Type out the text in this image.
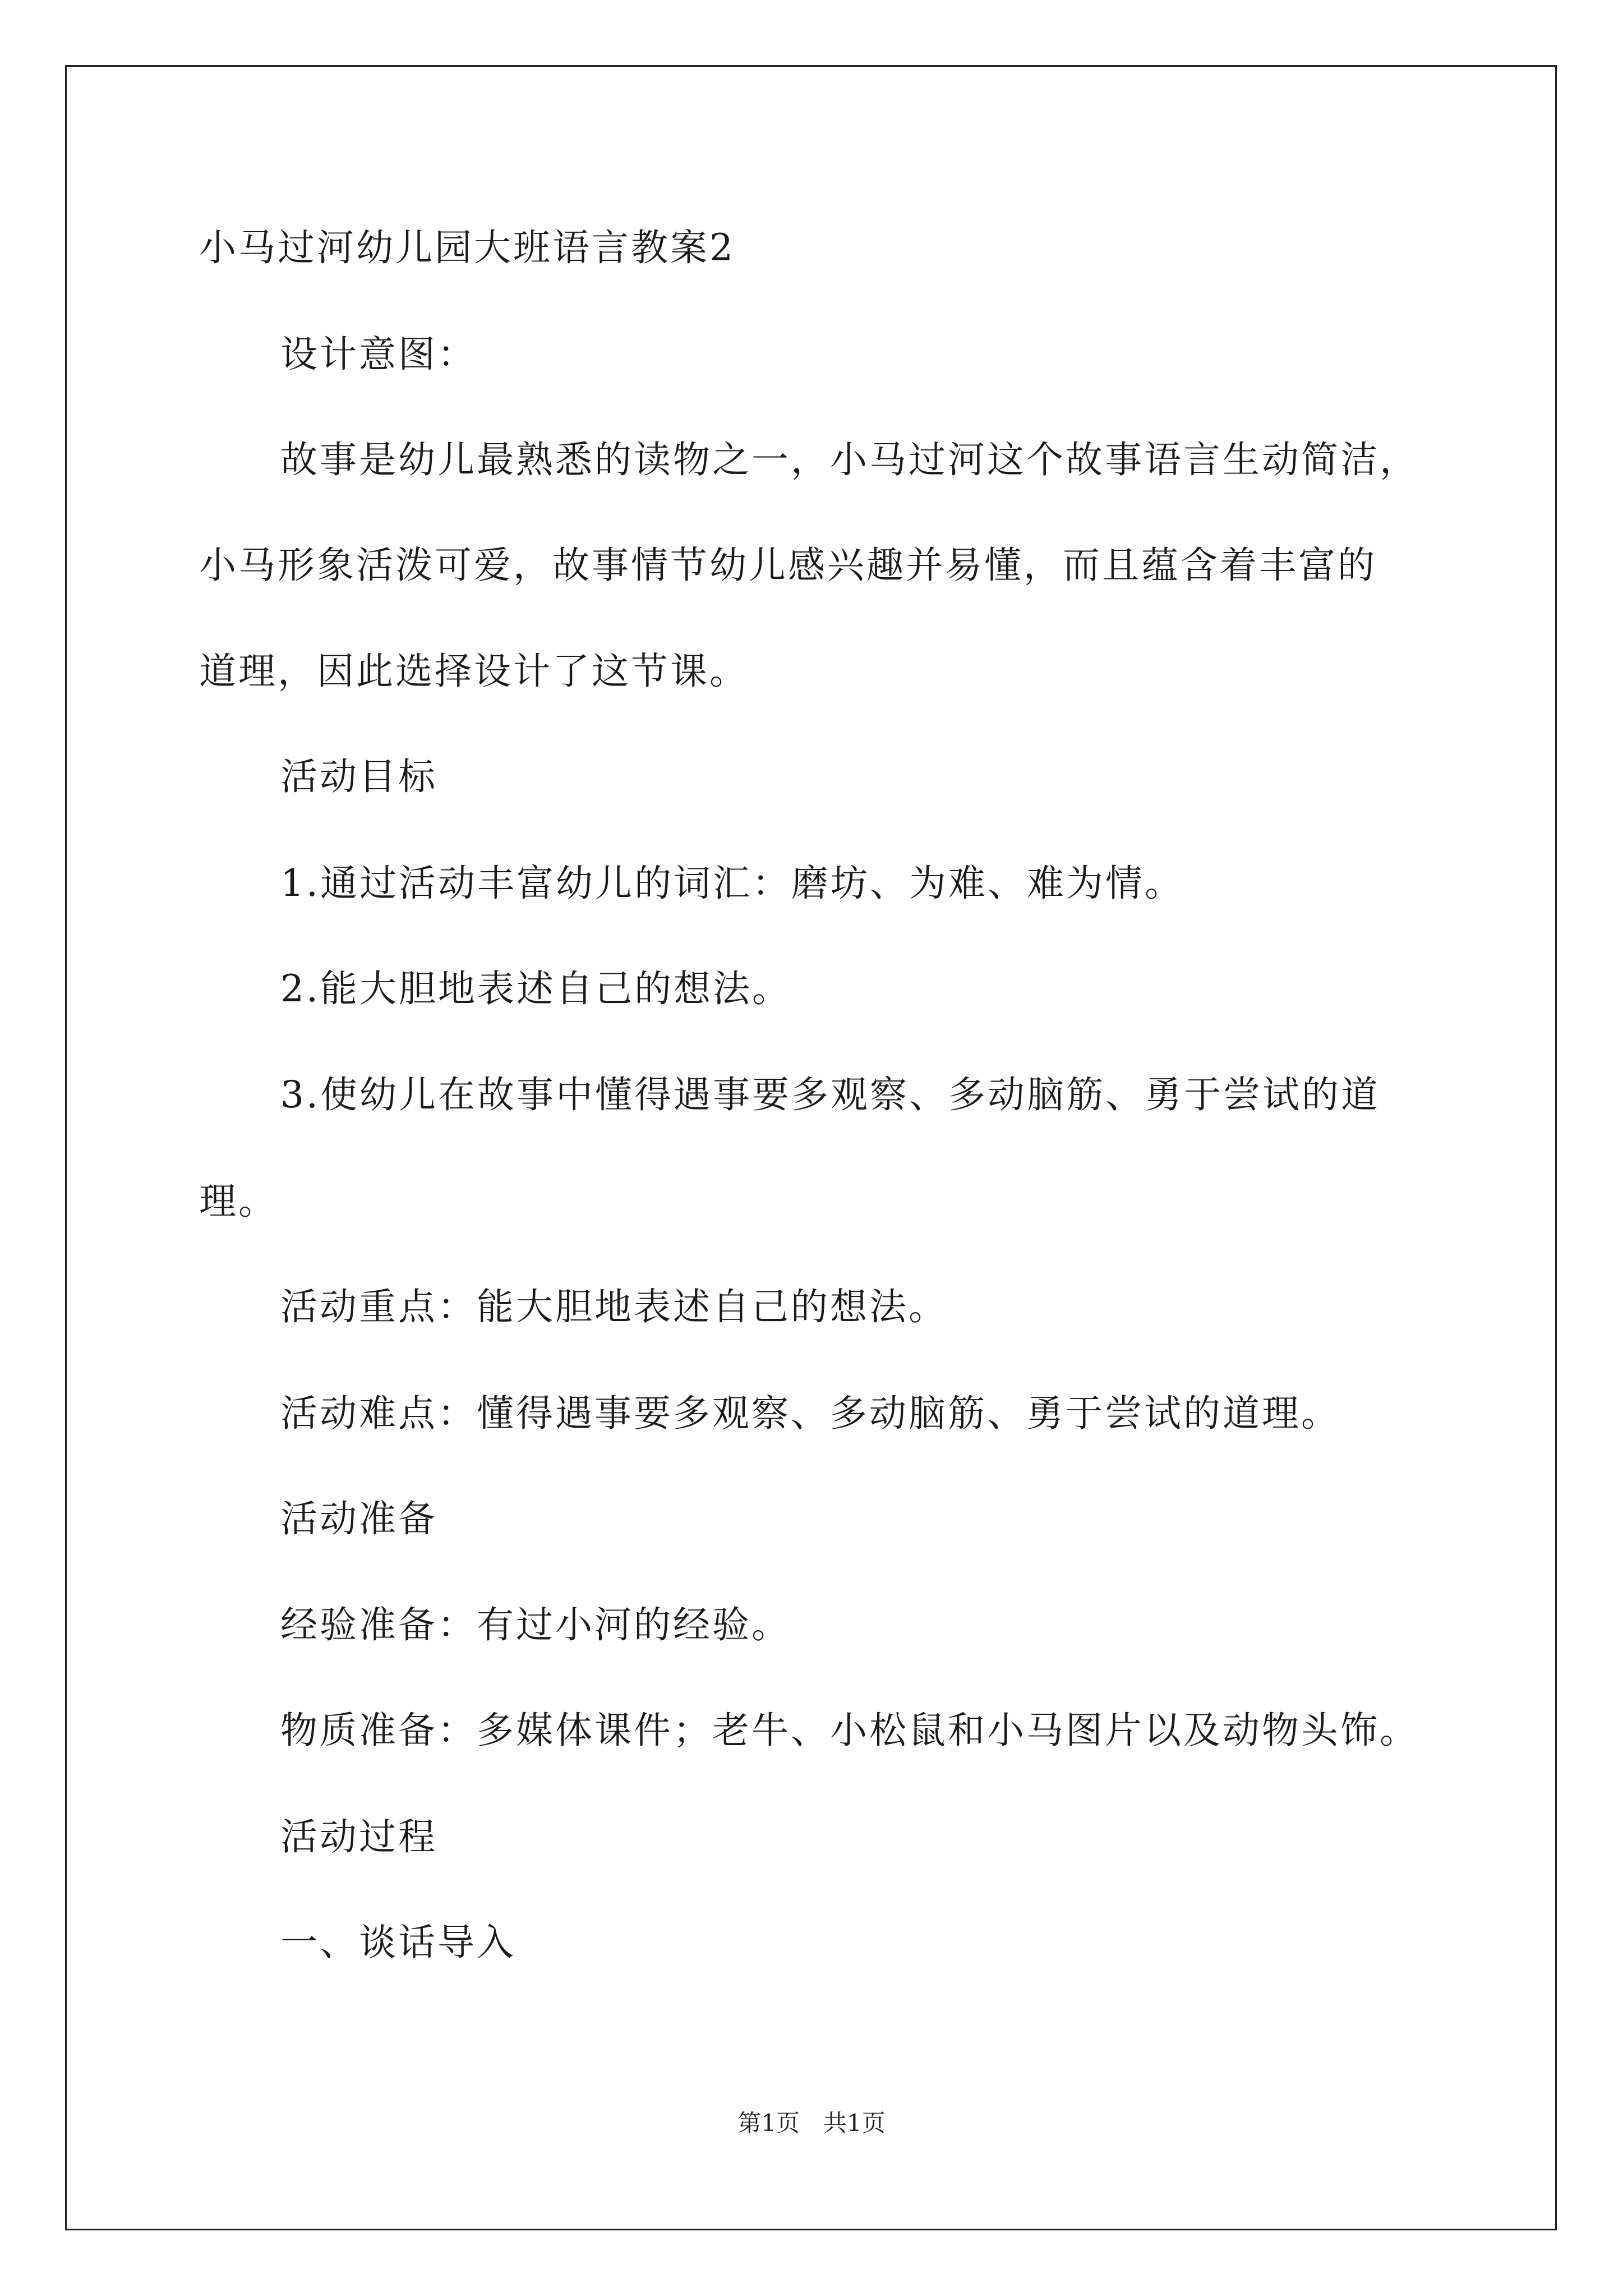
小马过河幼儿园大班语言教案2
设计意图：
故事是幼儿最熟悉的读物之一，小马过河这个故事语言生动简洁，
小马形象活泼可爱，故事情节幼儿感兴趣并易懂，而且蕴含着丰富的
道理，因此选择设计了这节课。
活动目标
1.通过活动丰富幼儿的词汇：磨坊、为难、难为情。
2.能大胆地表述自己的想法。
3.使幼儿在故事中懂得遇事要多观察、多动脑筋、勇于尝试的道
理。
活动重点：能大胆地表述自己的想法。
活动难点：懂得遇事要多观察、多动脑筋、勇于尝试的道理。
活动准备
经验准备：有过小河的经验。
物质准备：多媒体课件；老牛、小松鼠和小马图片以及动物头饰。
活动过程
一、谈话导入
第1页　共1页
